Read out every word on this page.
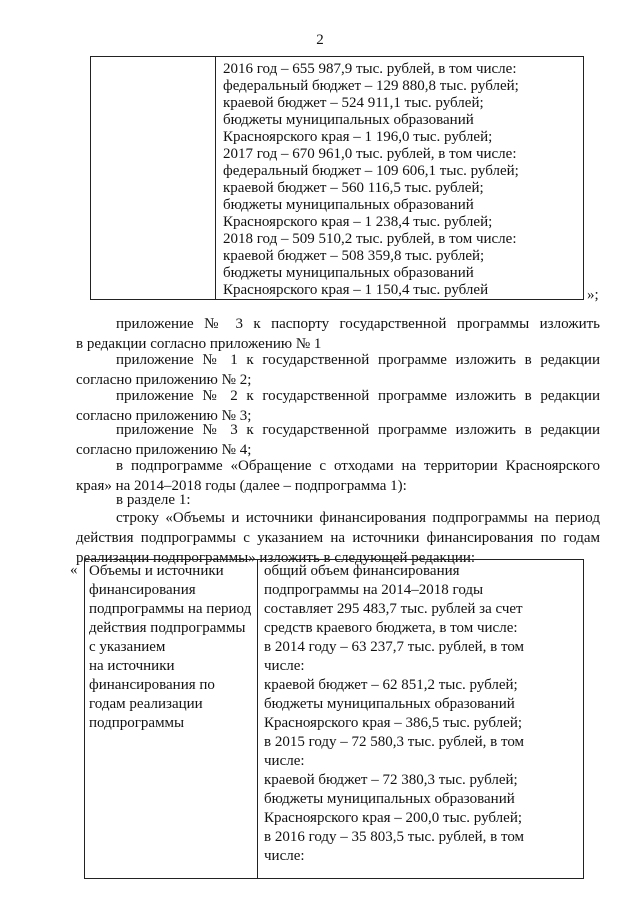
2

2016 год – 655 987,9 тыс. рублей, в том числе:
федеральный бюджет – 129 880,8 тыс. рублей;
краевой бюджет – 524 911,1 тыс. рублей;
бюджеты муниципальных образований
Красноярского края – 1 196,0 тыс. рублей;
2017 год – 670 961,0 тыс. рублей, в том числе:
федеральный бюджет – 109 606,1 тыс. рублей;
краевой бюджет – 560 116,5 тыс. рублей;
бюджеты муниципальных образований
Красноярского края – 1 238,4 тыс. рублей;
2018 год – 509 510,2 тыс. рублей, в том числе:
краевой бюджет – 508 359,8 тыс. рублей;
бюджеты муниципальных образований
Красноярского края – 1 150,4 тыс. рублей	»;
приложение № 3 к паспорту государственной программы изложить
в редакции согласно приложению № 1
приложение № 1 к государственной программе изложить в редакции
согласно приложению № 2;
приложение № 2 к государственной программе изложить в редакции
согласно приложению № 3;
приложение № 3 к государственной программе изложить в редакции
согласно приложению № 4;
в подпрограмме «Обращение с отходами на территории Красноярского
края» на 2014–2018 годы (далее – подпрограмма 1):
в разделе 1:
строку «Объемы и источники финансирования подпрограммы на период
действия подпрограммы с указанием на источники финансирования по годам
реализации подпрограммы» изложить в следующей редакции:
« Объемы и источники
финансирования
подпрограммы на период
действия подпрограммы
с указанием
на источники
финансирования по
годам реализации
подпрограммы

общий объем финансирования
подпрограммы на 2014–2018 годы
составляет 295 483,7 тыс. рублей за счет
средств краевого бюджета, в том числе:
в 2014 году – 63 237,7 тыс. рублей, в том
числе:
краевой бюджет – 62 851,2 тыс. рублей;
бюджеты муниципальных образований
Красноярского края – 386,5 тыс. рублей;
в 2015 году – 72 580,3 тыс. рублей, в том
числе:
краевой бюджет – 72 380,3 тыс. рублей;
бюджеты муниципальных образований
Красноярского края – 200,0 тыс. рублей;
в 2016 году – 35 803,5 тыс. рублей, в том
числе:
